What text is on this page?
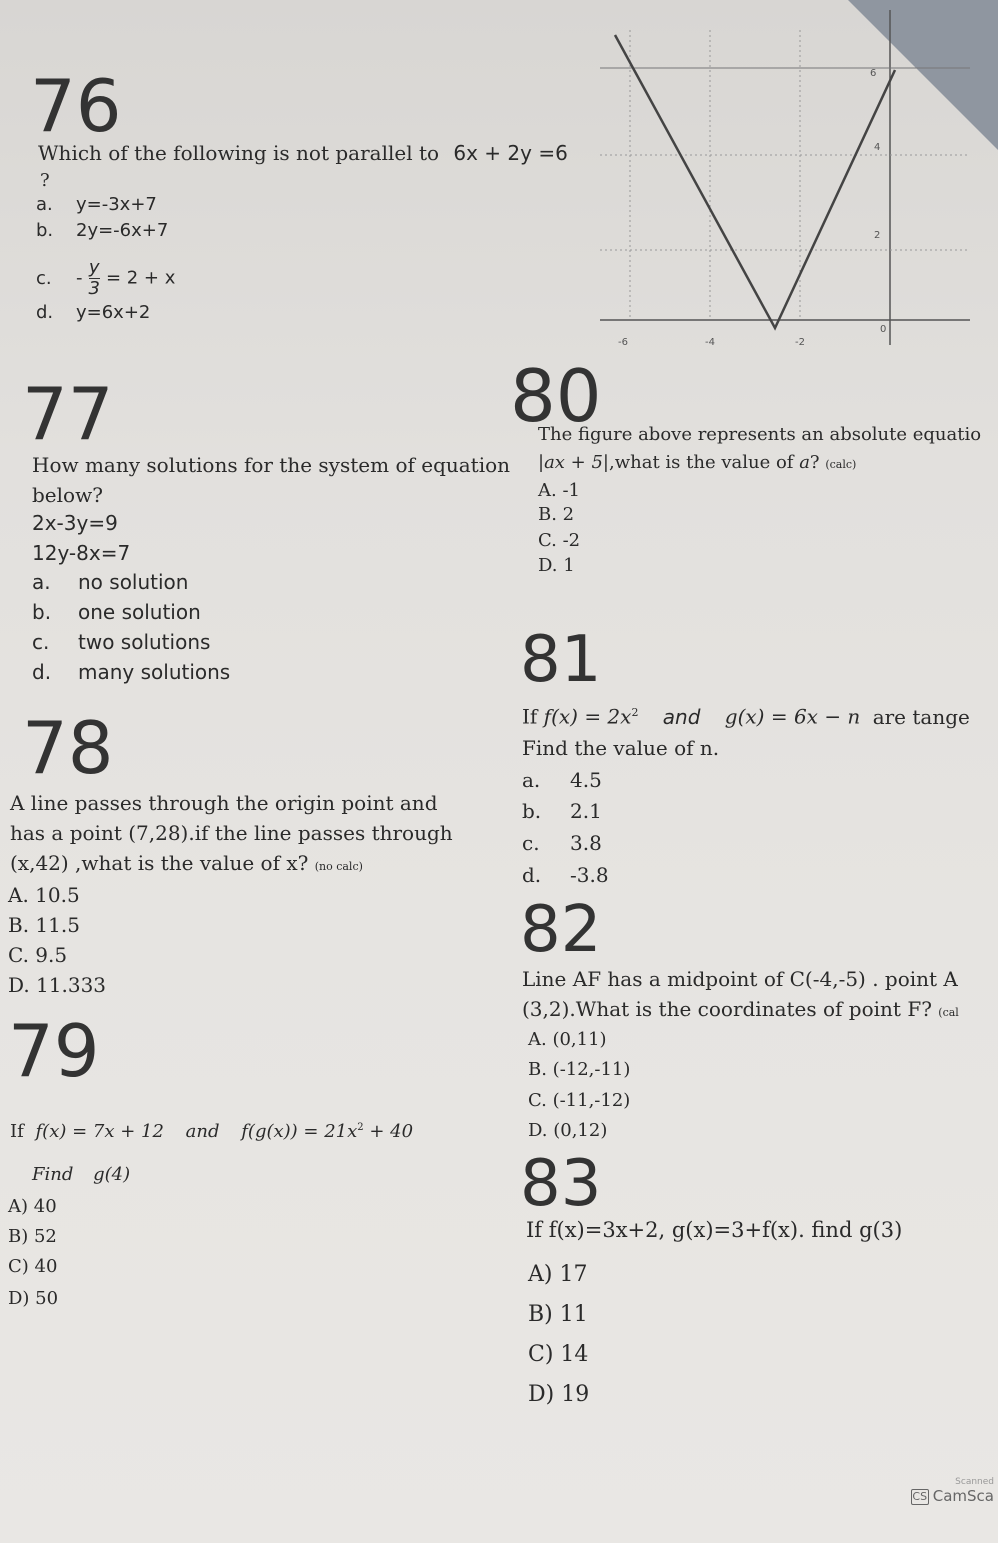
76
Which of the following is not parallel to 6x + 2y =6
?
a. y=-3x+7
b. 2y=-6x+7
c. - $\frac{y}{3} = 2 + x$
d. y=6x+2
-6	-4	-2
0
2
4
6
77
How many solutions for the system of equation
below?
2x-3y=9
12y-8x=7
a. no solution
b. one solution
c. two solutions
d. many solutions
78
A line passes through the origin point and
has a point (7,28).if the line passes through
(x,42) ,what is the value of x? (no calc)
A. 10.5
B. 11.5
C. 9.5
D. 11.333
79
If f(x) = 7x + 12 and $f(g(x)) = 21x^2 + 40$
Find g(4)
A) 40
B) 52
C) 40
D) 50
80
The figure above represents an absolute equatio
|ax + 5|,what is the value of a? (calc)
A. -1
B. 2
C. -2
D. 1
81
If $f(x) = 2x^2$ and g(x) = 6x − n are tange
Find the value of n.
a. 4.5
b. 2.1
c. 3.8
d. -3.8
82
Line AF has a midpoint of C(-4,-5) . point A
(3,2).What is the coordinates of point F? (cal
A. (0,11)
B. (-12,-11)
C. (-11,-12)
D. (0,12)
83
If f(x)=3x+2, g(x)=3+f(x). find g(3)
A) 17
B) 11
C) 14
D) 19
Scanned
CS CamSca
